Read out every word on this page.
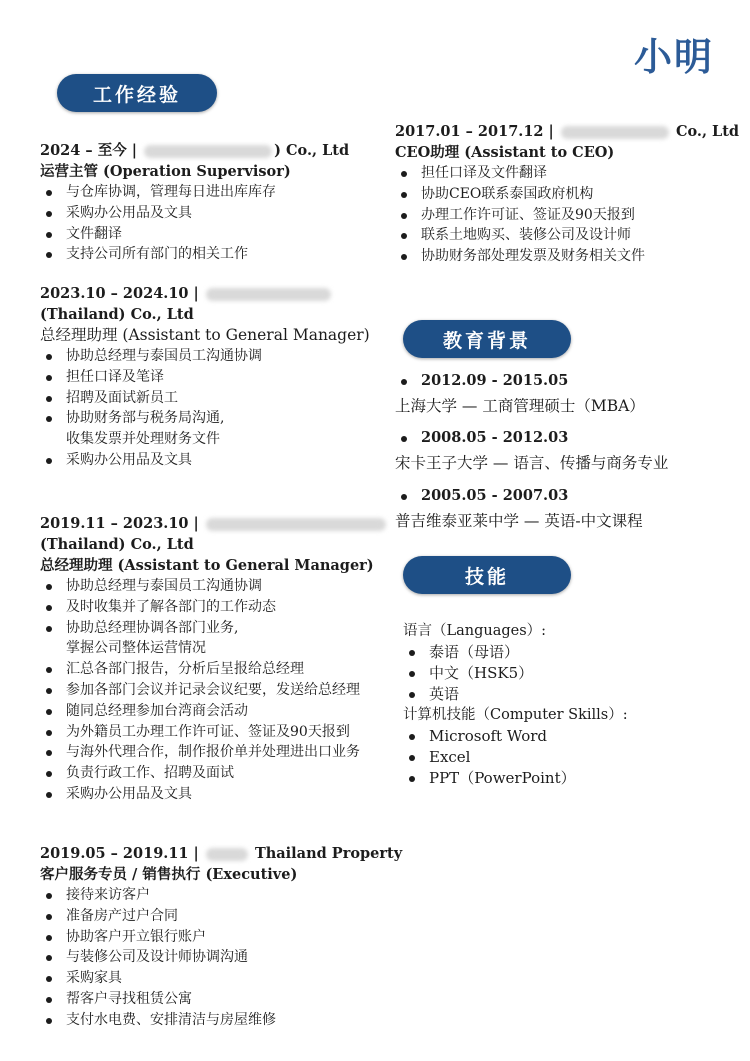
小明
工作经验
教育背景
技能
2024 – 至今 |	) Co., Ltd
运营主管 (Operation Supervisor)
与仓库协调，管理每日进出库库存
采购办公用品及文具
文件翻译
支持公司所有部门的相关工作
2023.10 – 2024.10 |
(Thailand) Co., Ltd
总经理助理 (Assistant to General Manager)
协助总经理与泰国员工沟通协调
担任口译及笔译
招聘及面试新员工
协助财务部与税务局沟通,
收集发票并处理财务文件
采购办公用品及文具
2019.11 – 2023.10 |
(Thailand) Co., Ltd
总经理助理 (Assistant to General Manager)
协助总经理与泰国员工沟通协调
及时收集并了解各部门的工作动态
协助总经理协调各部门业务,
掌握公司整体运营情况
汇总各部门报告，分析后呈报给总经理
参加各部门会议并记录会议纪要，发送给总经理
随同总经理参加台湾商会活动
为外籍员工办理工作许可证、签证及90天报到
与海外代理合作，制作报价单并处理进出口业务
负责行政工作、招聘及面试
采购办公用品及文具
2019.05 – 2019.11 |	Thailand Property
客户服务专员 / 销售执行 (Executive)
接待来访客户
准备房产过户合同
协助客户开立银行账户
与装修公司及设计师协调沟通
采购家具
帮客户寻找租赁公寓
支付水电费、安排清洁与房屋维修
2017.01 – 2017.12 |	Co., Ltd
CEO助理 (Assistant to CEO)
担任口译及文件翻译
协助CEO联系泰国政府机构
办理工作许可证、签证及90天报到
联系土地购买、装修公司及设计师
协助财务部处理发票及财务相关文件
2012.09 - 2015.05
上海大学 — 工商管理硕士（MBA）
2008.05 - 2012.03
宋卡王子大学 — 语言、传播与商务专业
2005.05 - 2007.03
普吉维泰亚莱中学 — 英语-中文课程
语言（Languages）:
泰语（母语）
中文（HSK5）
英语
计算机技能（Computer Skills）:
Microsoft Word
Excel
PPT（PowerPoint）
